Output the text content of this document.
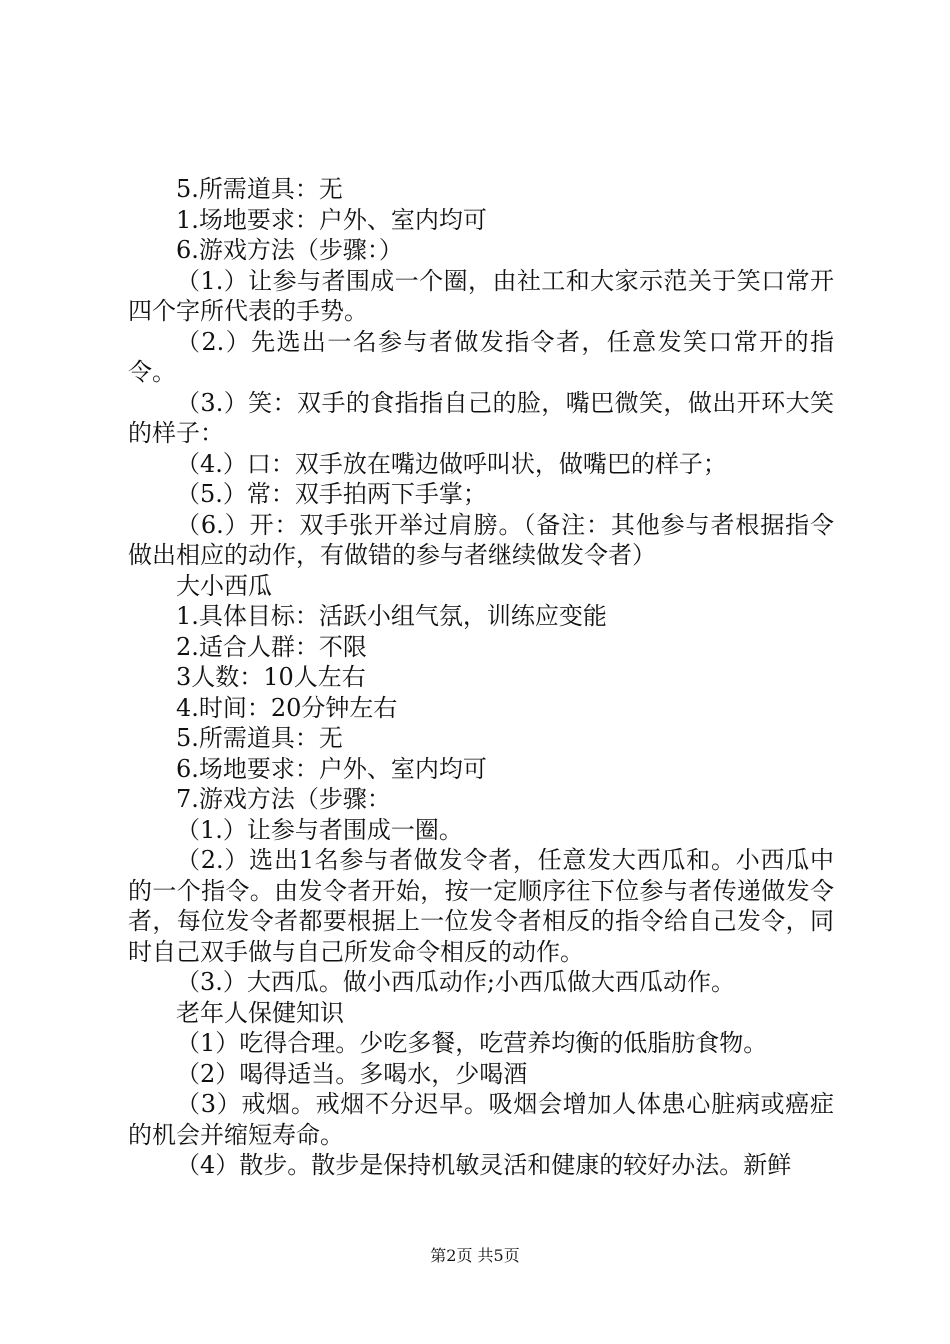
5.所需道具：无

1.场地要求：户外、室内均可

6.游戏方法（步骤：）

（1.）让参与者围成一个圈，由社工和大家示范关于笑口常开四个字所代表的手势。

（2.）先选出一名参与者做发指令者，任意发笑口常开的指令。

（3.）笑：双手的食指指自己的脸，嘴巴微笑，做出开环大笑的样子：

（4.）口：双手放在嘴边做呼叫状，做嘴巴的样子；

（5.）常：双手拍两下手掌；

（6.）开：双手张开举过肩膀。（备注：其他参与者根据指令做出相应的动作，有做错的参与者继续做发令者）

大小西瓜

1.具体目标：活跃小组气氛，训练应变能

2.适合人群：不限

3人数：10人左右

4.时间：20分钟左右

5.所需道具：无

6.场地要求：户外、室内均可

7.游戏方法（步骤：

（1.）让参与者围成一圈。

（2.）选出1名参与者做发令者，任意发大西瓜和。小西瓜中的一个指令。由发令者开始，按一定顺序往下位参与者传递做发令者，每位发令者都要根据上一位发令者相反的指令给自己发令，同时自己双手做与自己所发命令相反的动作。

（3.）大西瓜。做小西瓜动作;小西瓜做大西瓜动作。

老年人保健知识

（1）吃得合理。少吃多餐，吃营养均衡的低脂肪食物。

（2）喝得适当。多喝水，少喝酒

（3）戒烟。戒烟不分迟早。吸烟会增加人体患心脏病或癌症的机会并缩短寿命。

（4）散步。散步是保持机敏灵活和健康的较好办法。新鲜

第2页 共5页
